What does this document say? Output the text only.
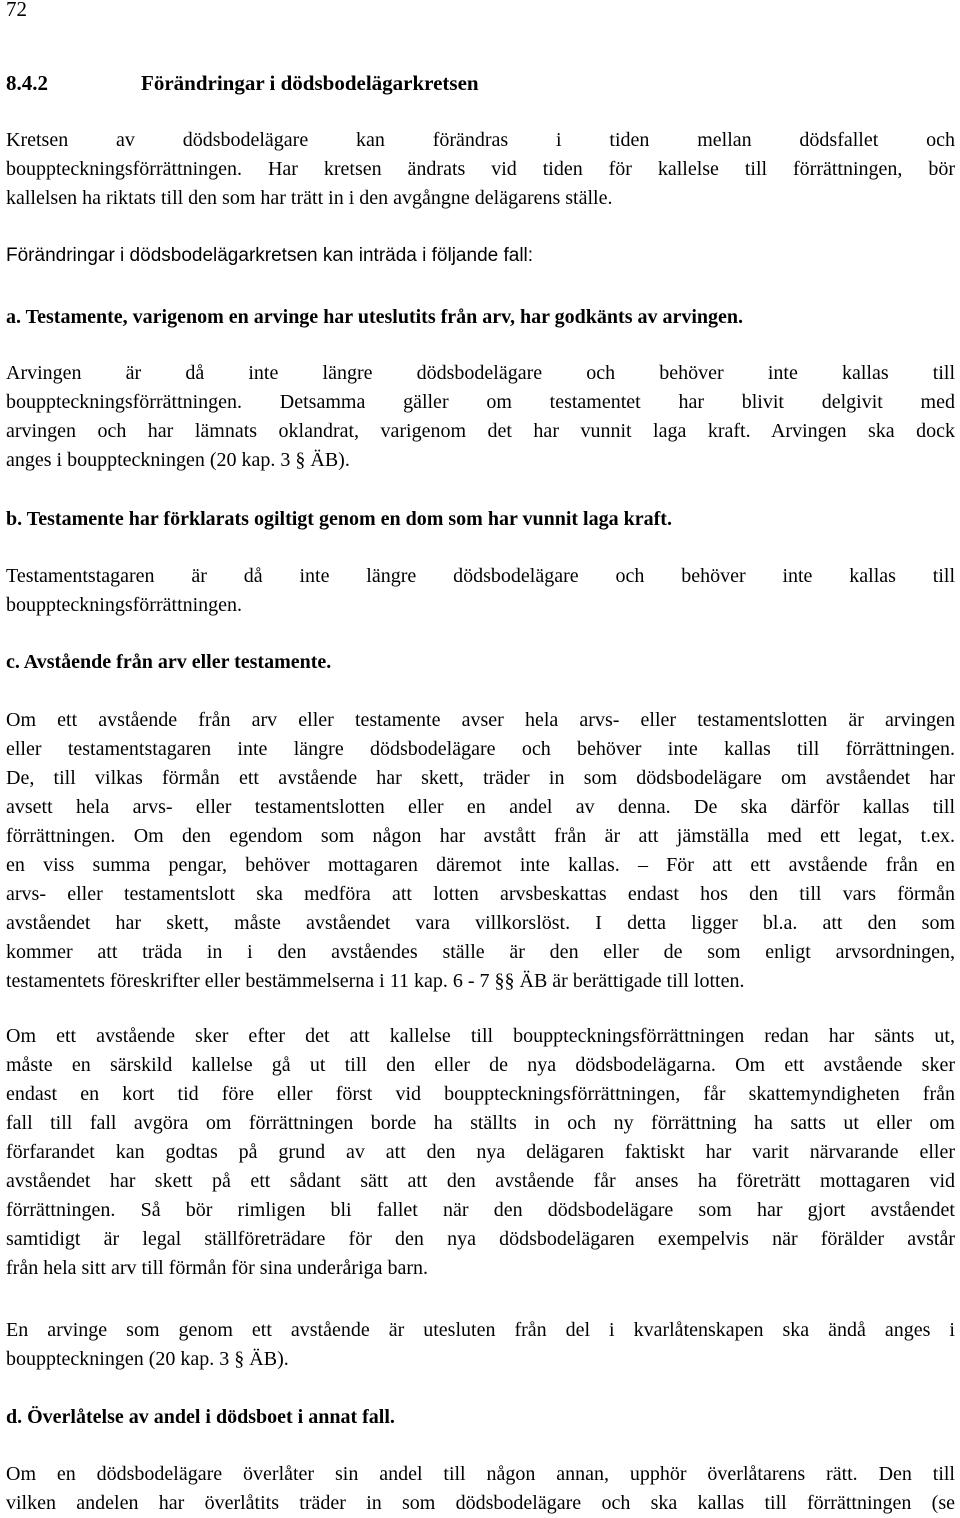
72
8.4.2	Förändringar i dödsbodelägarkretsen
Kretsen av dödsbodelägare kan förändras i tiden mellan dödsfallet och
bouppteckningsförrättningen. Har kretsen ändrats vid tiden för kallelse till förrättningen, bör
kallelsen ha riktats till den som har trätt in i den avgångne delägarens ställe.
Förändringar i dödsbodelägarkretsen kan inträda i följande fall:
a. Testamente, varigenom en arvinge har uteslutits från arv, har godkänts av arvingen.
Arvingen är då inte längre dödsbodelägare och behöver inte kallas till
bouppteckningsförrättningen. Detsamma gäller om testamentet har blivit delgivit med
arvingen och har lämnats oklandrat, varigenom det har vunnit laga kraft. Arvingen ska dock
anges i bouppteckningen (20 kap. 3 § ÄB).
b. Testamente har förklarats ogiltigt genom en dom som har vunnit laga kraft.
Testamentstagaren är då inte längre dödsbodelägare och behöver inte kallas till
bouppteckningsförrättningen.
c. Avstående från arv eller testamente.
Om ett avstående från arv eller testamente avser hela arvs- eller testamentslotten är arvingen
eller testamentstagaren inte längre dödsbodelägare och behöver inte kallas till förrättningen.
De, till vilkas förmån ett avstående har skett, träder in som dödsbodelägare om avståendet har
avsett hela arvs- eller testamentslotten eller en andel av denna. De ska därför kallas till
förrättningen. Om den egendom som någon har avstått från är att jämställa med ett legat, t.ex.
en viss summa pengar, behöver mottagaren däremot inte kallas. – För att ett avstående från en
arvs- eller testamentslott ska medföra att lotten arvsbeskattas endast hos den till vars förmån
avståendet har skett, måste avståendet vara villkorslöst. I detta ligger bl.a. att den som
kommer att träda in i den avståendes ställe är den eller de som enligt arvsordningen,
testamentets föreskrifter eller bestämmelserna i 11 kap. 6 - 7 §§ ÄB är berättigade till lotten.
Om ett avstående sker efter det att kallelse till bouppteckningsförrättningen redan har sänts ut,
måste en särskild kallelse gå ut till den eller de nya dödsbodelägarna. Om ett avstående sker
endast en kort tid före eller först vid bouppteckningsförrättningen, får skattemyndigheten från
fall till fall avgöra om förrättningen borde ha ställts in och ny förrättning ha satts ut eller om
förfarandet kan godtas på grund av att den nya delägaren faktiskt har varit närvarande eller
avståendet har skett på ett sådant sätt att den avstående får anses ha företrätt mottagaren vid
förrättningen. Så bör rimligen bli fallet när den dödsbodelägare som har gjort avståendet
samtidigt är legal ställföreträdare för den nya dödsbodelägaren exempelvis när förälder avstår
från hela sitt arv till förmån för sina underåriga barn.
En arvinge som genom ett avstående är utesluten från del i kvarlåtenskapen ska ändå anges i
bouppteckningen (20 kap. 3 § ÄB).
d. Överlåtelse av andel i dödsboet i annat fall.
Om en dödsbodelägare överlåter sin andel till någon annan, upphör överlåtarens rätt. Den till
vilken andelen har överlåtits träder in som dödsbodelägare och ska kallas till förrättningen (se
